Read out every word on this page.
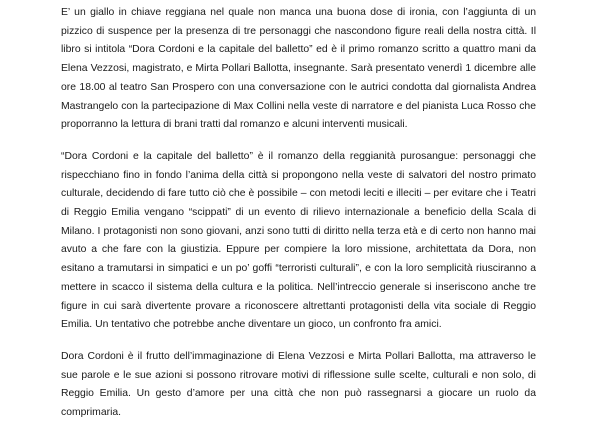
E’ un giallo in chiave reggiana nel quale non manca una buona dose di ironia, con l’aggiunta di un pizzico di suspence per la presenza di tre personaggi che nascondono figure reali della nostra città. Il libro si intitola “Dora Cordoni e la capitale del balletto” ed è il primo romanzo scritto a quattro mani da Elena Vezzosi, magistrato, e Mirta Pollari Ballotta, insegnante. Sarà presentato venerdì 1 dicembre alle ore 18.00 al teatro San Prospero con una conversazione con le autrici condotta dal giornalista Andrea Mastrangelo con la partecipazione di Max Collini nella veste di narratore e del pianista Luca Rosso che proporranno la lettura di brani tratti dal romanzo e alcuni interventi musicali.

“Dora Cordoni e la capitale del balletto” è il romanzo della reggianità purosangue: personaggi che rispecchiano fino in fondo l’anima della città si propongono nella veste di salvatori del nostro primato culturale, decidendo di fare tutto ciò che è possibile – con metodi leciti e illeciti – per evitare che i Teatri di Reggio Emilia vengano “scippati” di un evento di rilievo internazionale a beneficio della Scala di Milano. I protagonisti non sono giovani, anzi sono tutti di diritto nella terza età e di certo non hanno mai avuto a che fare con la giustizia. Eppure per compiere la loro missione, architettata da Dora, non esitano a tramutarsi in simpatici e un po’ goffi “terroristi culturali”, e con la loro semplicità riusciranno a mettere in scacco il sistema della cultura e la politica. Nell’intreccio generale si inseriscono anche tre figure in cui sarà divertente provare a riconoscere altrettanti protagonisti della vita sociale di Reggio Emilia. Un tentativo che potrebbe anche diventare un gioco, un confronto fra amici.

Dora Cordoni è il frutto dell’immaginazione di Elena Vezzosi e Mirta Pollari Ballotta, ma attraverso le sue parole e le sue azioni si possono ritrovare motivi di riflessione sulle scelte, culturali e non solo, di Reggio Emilia. Un gesto d’amore per una città che non può rassegnarsi a giocare un ruolo da comprimaria.
